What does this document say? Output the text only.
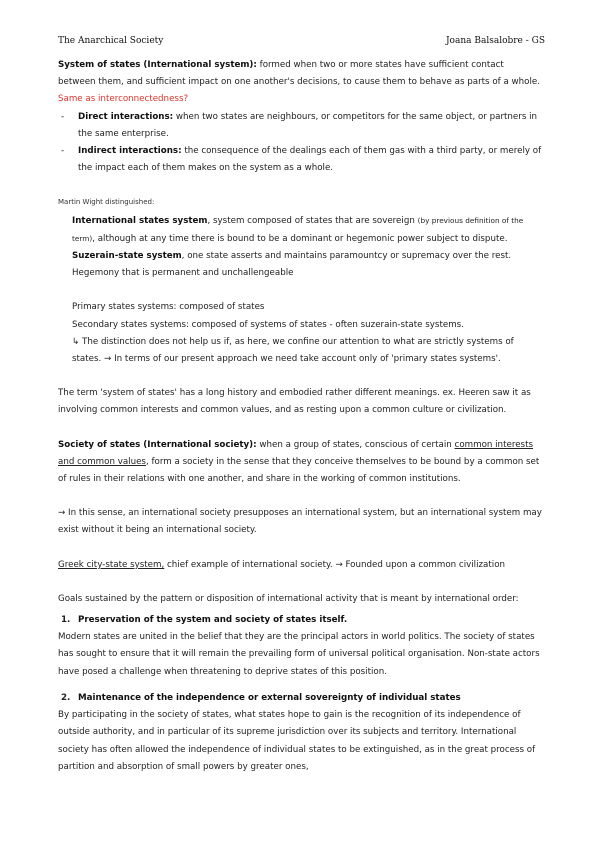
The Anarchical Society	Joana Balsalobre - GS

System of states (International system): formed when two or more states have sufficient contact between them, and sufficient impact on one another's decisions, to cause them to behave as parts of a whole.

Same as interconnectedness?

- Direct interactions: when two states are neighbours, or competitors for the same object, or partners in the same enterprise.
- Indirect interactions: the consequence of the dealings each of them gas with a third party, or merely of the impact each of them makes on the system as a whole.

Martin Wight distinguished:

International states system, system composed of states that are sovereign (by previous definition of the term), although at any time there is bound to be a dominant or hegemonic power subject to dispute.
Suzerain-state system, one state asserts and maintains paramountcy or supremacy over the rest. Hegemony that is permanent and unchallengeable
Primary states systems: composed of states
Secondary states systems: composed of systems of states - often suzerain-state systems.
↳ The distinction does not help us if, as here, we confine our attention to what are strictly systems of states. → In terms of our present approach we need take account only of 'primary states systems'.

The term 'system of states' has a long history and embodied rather different meanings. ex. Heeren saw it as involving common interests and common values, and as resting upon a common culture or civilization.

Society of states (International society): when a group of states, conscious of certain common interests and common values, form a society in the sense that they conceive themselves to be bound by a common set of rules in their relations with one another, and share in the working of common institutions.

→ In this sense, an international society presupposes an international system, but an international system may exist without it being an international society.

Greek city-state system, chief example of international society. → Founded upon a common civilization

Goals sustained by the pattern or disposition of international activity that is meant by international order:

1. Preservation of the system and society of states itself.

Modern states are united in the belief that they are the principal actors in world politics. The society of states has sought to ensure that it will remain the prevailing form of universal political organisation. Non-state actors have posed a challenge when threatening to deprive states of this position.

2. Maintenance of the independence or external sovereignty of individual states

By participating in the society of states, what states hope to gain is the recognition of its independence of outside authority, and in particular of its supreme jurisdiction over its subjects and territory. International society has often allowed the independence of individual states to be extinguished, as in the great process of partition and absorption of small powers by greater ones,
